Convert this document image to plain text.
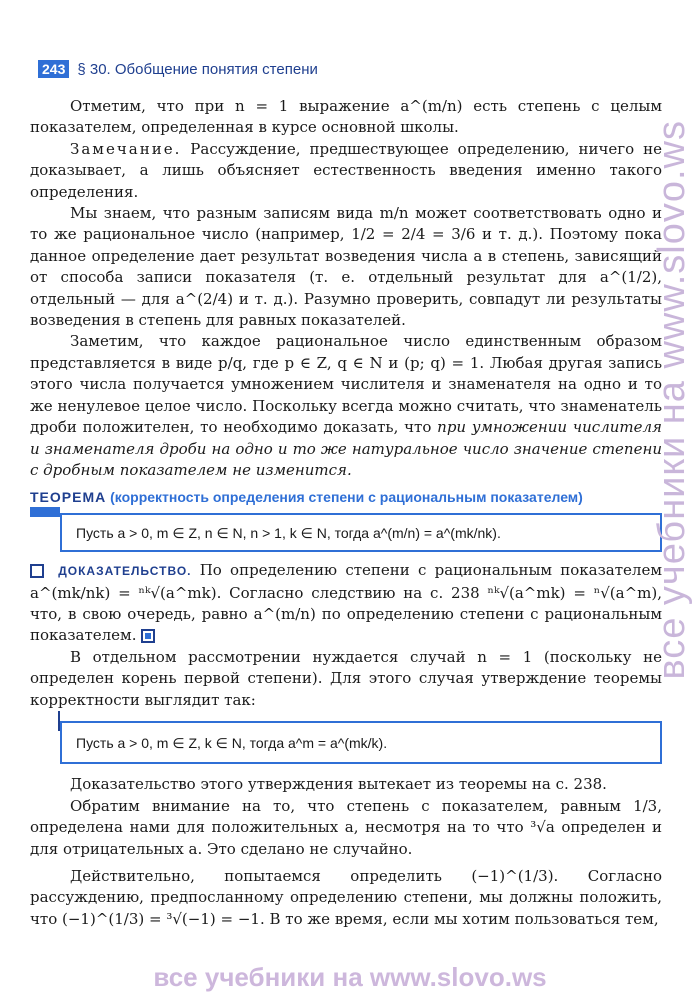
243 § 30. Обобщение понятия степени

Отметим, что при n = 1 выражение a^(m/n) есть степень с целым показателем, определенная в курсе основной школы.

Замечание. Рассуждение, предшествующее определению, ничего не доказывает, а лишь объясняет естественность введения именно такого определения.

Мы знаем, что разным записям вида m/n может соответствовать одно и то же рациональное число (например, 1/2 = 2/4 = 3/6 и т. д.). Поэтому пока данное определение дает результат возведения числа a в степень, зависящий от способа записи показателя (т. е. отдельный результат для a^(1/2), отдельный — для a^(2/4) и т. д.). Разумно проверить, совпадут ли результаты возведения в степень для равных показателей.

Заметим, что каждое рациональное число единственным образом представляется в виде p/q, где p ∈ Z, q ∈ N и (p; q) = 1. Любая другая запись этого числа получается умножением числителя и знаменателя на одно и то же ненулевое целое число. Поскольку всегда можно считать, что знаменатель дроби положителен, то необходимо доказать, что при умножении числителя и знаменателя дроби на одно и то же натуральное число значение степени с дробным показателем не изменится.

ТЕОРЕМА (корректность определения степени с рациональным показателем)
Пусть a > 0, m ∈ Z, n ∈ N, n > 1, k ∈ N, тогда a^(m/n) = a^(mk/nk).

ДОКАЗАТЕЛЬСТВО. По определению степени с рациональным показателем a^(mk/nk) = ⁿᵏ√(a^mk). Согласно следствию на с. 238 ⁿᵏ√(a^mk) = ⁿ√(a^m), что, в свою очередь, равно a^(m/n) по определению степени с рациональным показателем.

В отдельном рассмотрении нуждается случай n = 1 (поскольку не определен корень первой степени). Для этого случая утверждение теоремы корректности выглядит так:

Пусть a > 0, m ∈ Z, k ∈ N, тогда a^m = a^(mk/k).

Доказательство этого утверждения вытекает из теоремы на с. 238.

Обратим внимание на то, что степень с показателем, равным 1/3, определена нами для положительных a, несмотря на то что ³√a определен и для отрицательных a. Это сделано не случайно.

Действительно, попытаемся определить (−1)^(1/3). Согласно рассуждению, предпосланному определению степени, мы должны положить, что (−1)^(1/3) = ³√(−1) = −1. В то же время, если мы хотим пользоваться тем,

все учебники на www.slovo.ws
все учебники на www.slovo.ws
